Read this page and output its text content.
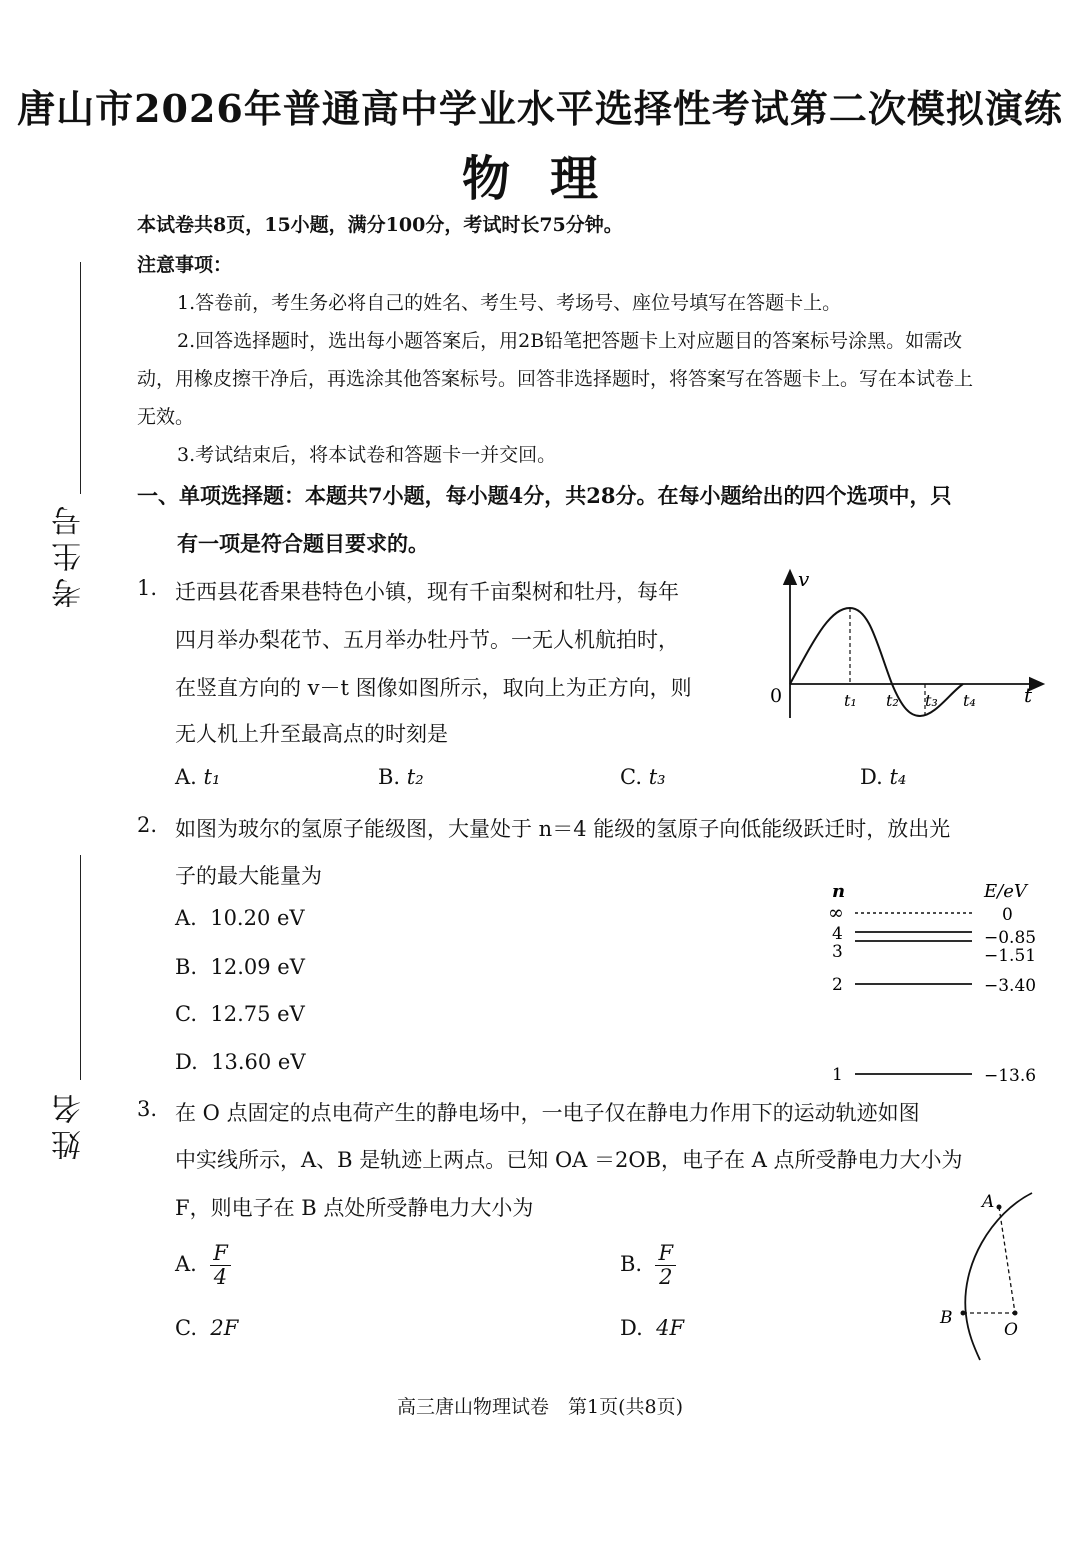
唐山市2026年普通高中学业水平选择性考试第二次模拟演练
物理
本试卷共8页，15小题，满分100分，考试时长75分钟。
注意事项：
1.答卷前，考生务必将自己的姓名、考生号、考场号、座位号填写在答题卡上。
2.回答选择题时，选出每小题答案后，用2B铅笔把答题卡上对应题目的答案标号涂黑。如需改
动，用橡皮擦干净后，再选涂其他答案标号。回答非选择题时，将答案写在答题卡上。写在本试卷上
无效。
3.考试结束后，将本试卷和答题卡一并交回。
考生号
姓名
一、单项选择题：本题共7小题，每小题4分，共28分。在每小题给出的四个选项中，只
有一项是符合题目要求的。
1. 迁西县花香果巷特色小镇，现有千亩梨树和牡丹，每年
四月举办梨花节、五月举办牡丹节。一无人机航拍时，
在竖直方向的 v－t 图像如图所示，取向上为正方向，则
无人机上升至最高点的时刻是
A. t₁	B. t₂	C. t₃	D. t₄
v
t
0	t₁ t₂ t₃ t₄
2. 如图为玻尔的氢原子能级图，大量处于 n＝4 能级的氢原子向低能级跃迁时，放出光
子的最大能量为
A. 10.20 eV
B. 12.09 eV
C. 12.75 eV
D. 13.60 eV
n	E/eV
∞
4
3
2
1
0
−0.85
−1.51
−3.40
−13.6
3. 在 O 点固定的点电荷产生的静电场中，一电子仅在静电力作用下的运动轨迹如图
中实线所示，A、B 是轨迹上两点。已知 OA ＝2OB，电子在 A 点所受静电力大小为
F，则电子在 B 点处所受静电力大小为
A. $\frac{F}{4}$	B. $\frac{F}{2}$
C. 2F	D. 4F
A
B
O
高三唐山物理试卷　第1页(共8页)
